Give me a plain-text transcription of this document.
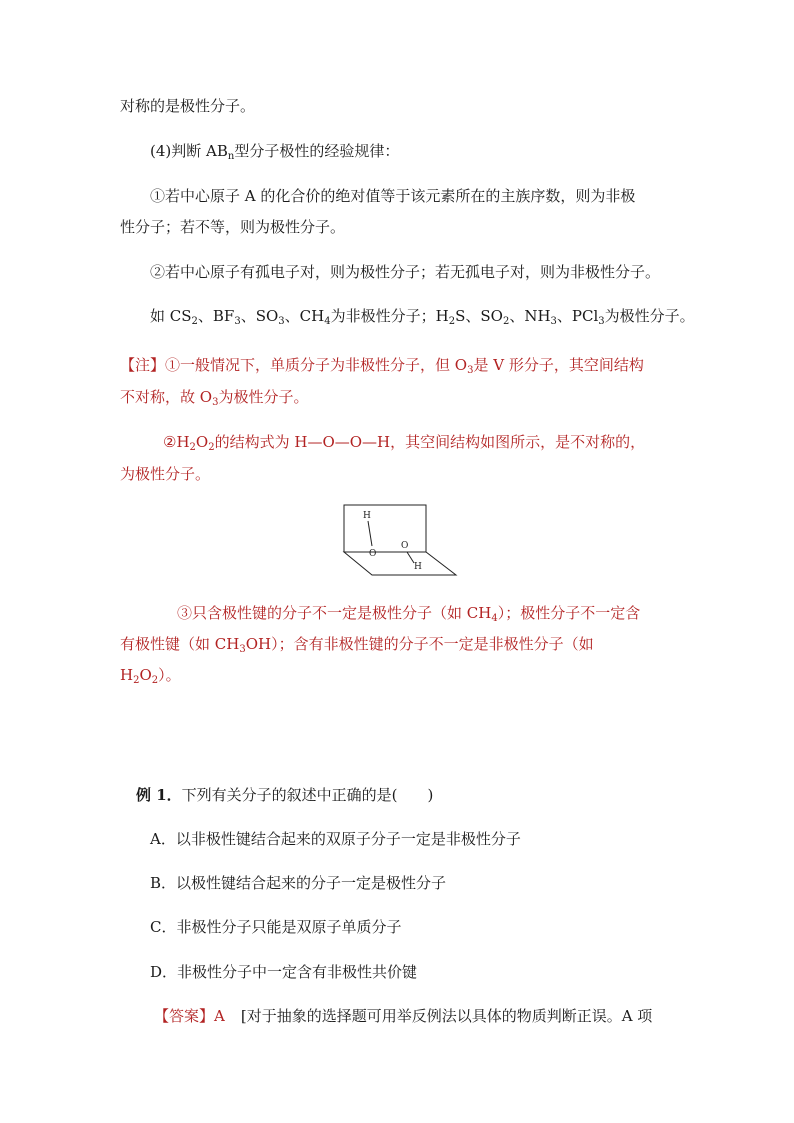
对称的是极性分子。
(4)判断 $AB_n$型分子极性的经验规律：
①若中心原子 A 的化合价的绝对值等于该元素所在的主族序数，则为非极
性分子；若不等，则为极性分子。
②若中心原子有孤电子对，则为极性分子；若无孤电子对，则为非极性分子。
如 $CS_2$、$BF_3$、$SO_3$、$CH_4$为非极性分子；$H_2S$、$SO_2$、$NH_3$、PCl$_3$为极性分子。
【注】①一般情况下，单质分子为非极性分子，但 $O_3$是 V 形分子，其空间结构
不对称，故 $O_3$为极性分子。
$②H_2O_2$的结构式为 H—O—O—H，其空间结构如图所示，是不对称的，
为极性分子。
H
O
O
H
③只含极性键的分子不一定是极性分子（如 $CH_4$）；极性分子不一定含
有极性键（如 $CH_3OH$）；含有非极性键的分子不一定是非极性分子（如
$H_2O_2$）。
例 1．下列有关分子的叙述中正确的是(　　)
A．以非极性键结合起来的双原子分子一定是非极性分子
B．以极性键结合起来的分子一定是极性分子
C．非极性分子只能是双原子单质分子
D．非极性分子中一定含有非极性共价键
【答案】A [对于抽象的选择题可用举反例法以具体的物质判断正误。A 项
